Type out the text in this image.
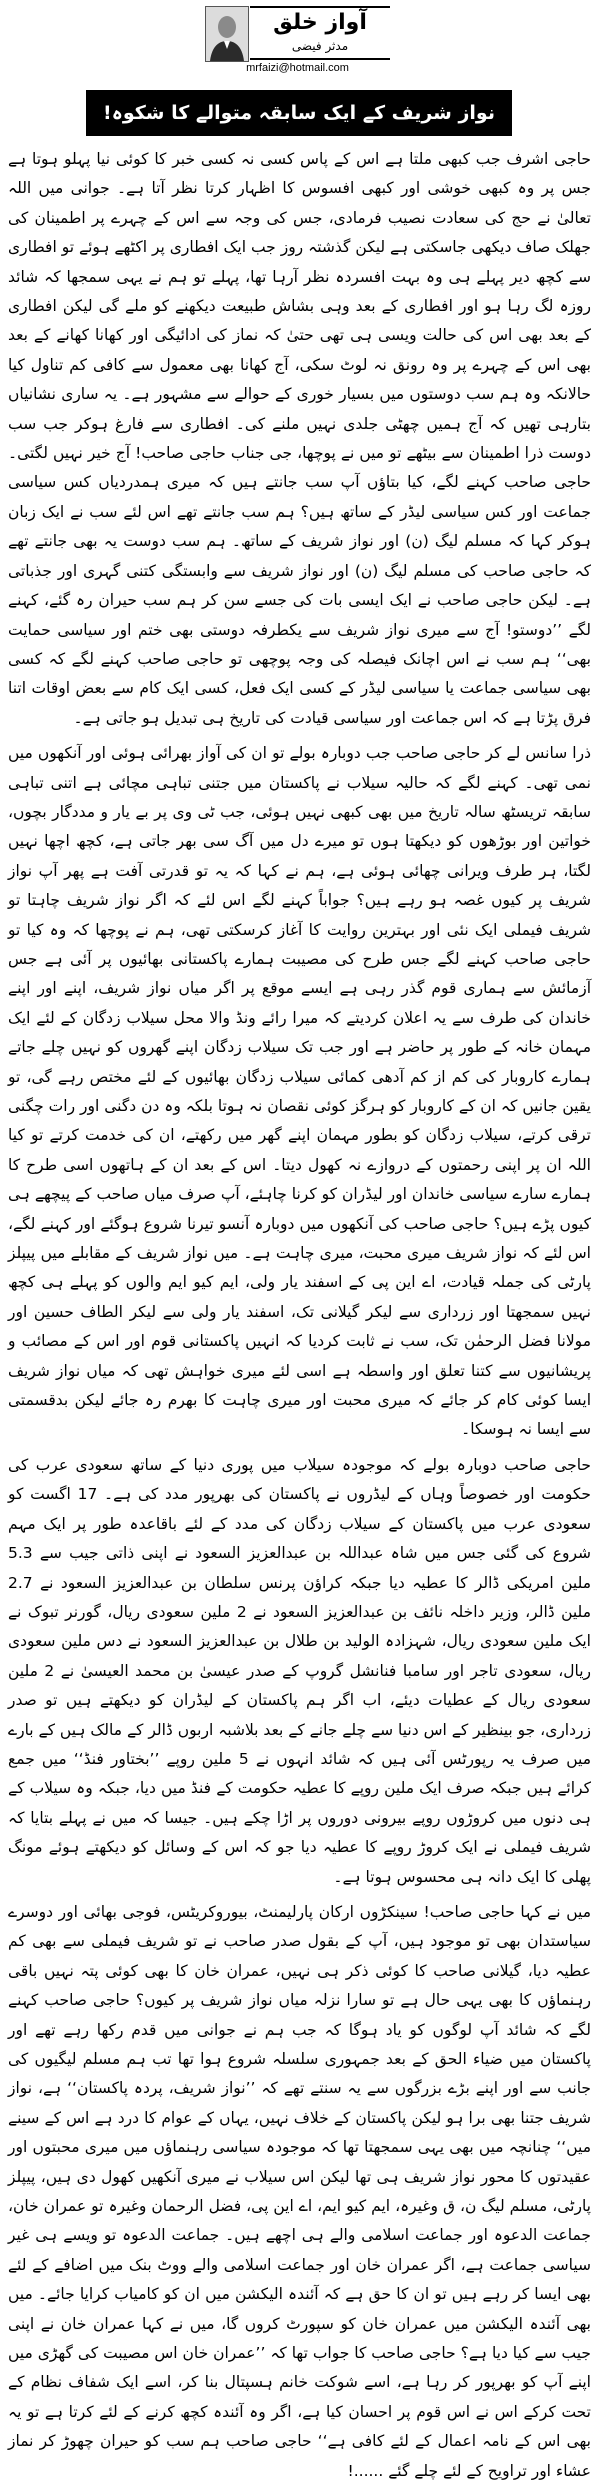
آواز خلق
مدثر فیضی
mrfaizi@hotmail.com
نواز شریف کے ایک سابقہ متوالے کا شکوہ!

حاجی اشرف جب کبھی ملتا ہے اس کے پاس کسی نہ کسی خبر کا کوئی نیا پہلو ہوتا ہے جس پر وہ کبھی خوشی اور کبھی افسوس کا اظہار کرتا نظر آتا ہے۔ جوانی میں اللہ تعالیٰ نے حج کی سعادت نصیب فرمادی، جس کی وجہ سے اس کے چہرے پر اطمینان کی جھلک صاف دیکھی جاسکتی ہے لیکن گذشتہ روز جب ایک افطاری پر اکٹھے ہوئے تو افطاری سے کچھ دیر پہلے ہی وہ بہت افسردہ نظر آرہا تھا، پہلے تو ہم نے یہی سمجھا کہ شائد روزہ لگ رہا ہو اور افطاری کے بعد وہی بشاش طبیعت دیکھنے کو ملے گی لیکن افطاری کے بعد بھی اس کی حالت ویسی ہی تھی حتیٰ کہ نماز کی ادائیگی اور کھانا کھانے کے بعد بھی اس کے چہرے پر وہ رونق نہ لوٹ سکی، آج کھانا بھی معمول سے کافی کم تناول کیا حالانکہ وہ ہم سب دوستوں میں بسیار خوری کے حوالے سے مشہور ہے۔ یہ ساری نشانیاں بتارہی تھیں کہ آج ہمیں چھٹی جلدی نہیں ملنے کی۔ افطاری سے فارغ ہوکر جب سب دوست ذرا اطمینان سے بیٹھے تو میں نے پوچھا، جی جناب حاجی صاحب! آج خیر نہیں لگتی۔ حاجی صاحب کہنے لگے، کیا بتاؤں آپ سب جانتے ہیں کہ میری ہمدردیاں کس سیاسی جماعت اور کس سیاسی لیڈر کے ساتھ ہیں؟ ہم سب جانتے تھے اس لئے سب نے ایک زبان ہوکر کہا کہ مسلم لیگ (ن) اور نواز شریف کے ساتھ۔ ہم سب دوست یہ بھی جانتے تھے کہ حاجی صاحب کی مسلم لیگ (ن) اور نواز شریف سے وابستگی کتنی گہری اور جذباتی ہے۔ لیکن حاجی صاحب نے ایک ایسی بات کی جسے سن کر ہم سب حیران رہ گئے، کہنے لگے ’’دوستو! آج سے میری نواز شریف سے یکطرفہ دوستی بھی ختم اور سیاسی حمایت بھی‘‘ ہم سب نے اس اچانک فیصلہ کی وجہ پوچھی تو حاجی صاحب کہنے لگے کہ کسی بھی سیاسی جماعت یا سیاسی لیڈر کے کسی ایک فعل، کسی ایک کام سے بعض اوقات اتنا فرق پڑتا ہے کہ اس جماعت اور سیاسی قیادت کی تاریخ ہی تبدیل ہو جاتی ہے۔

ذرا سانس لے کر حاجی صاحب جب دوبارہ بولے تو ان کی آواز بھرائی ہوئی اور آنکھوں میں نمی تھی۔ کہنے لگے کہ حالیہ سیلاب نے پاکستان میں جتنی تباہی مچائی ہے اتنی تباہی سابقہ تریسٹھ سالہ تاریخ میں بھی کبھی نہیں ہوئی، جب ٹی وی پر بے یار و مددگار بچوں، خواتین اور بوڑھوں کو دیکھتا ہوں تو میرے دل میں آگ سی بھر جاتی ہے، کچھ اچھا نہیں لگتا، ہر طرف ویرانی چھائی ہوئی ہے، ہم نے کہا کہ یہ تو قدرتی آفت ہے پھر آپ نواز شریف پر کیوں غصہ ہو رہے ہیں؟ جواباً کہنے لگے اس لئے کہ اگر نواز شریف چاہتا تو شریف فیملی ایک نئی اور بہترین روایت کا آغاز کرسکتی تھی، ہم نے پوچھا کہ وہ کیا تو حاجی صاحب کہنے لگے جس طرح کی مصیبت ہمارے پاکستانی بھائیوں پر آئی ہے جس آزمائش سے ہماری قوم گذر رہی ہے ایسے موقع پر اگر میاں نواز شریف، اپنے اور اپنے خاندان کی طرف سے یہ اعلان کردیتے کہ میرا رائے ونڈ والا محل سیلاب زدگان کے لئے ایک مہمان خانہ کے طور پر حاضر ہے اور جب تک سیلاب زدگان اپنے گھروں کو نہیں چلے جاتے ہمارے کاروبار کی کم از کم آدھی کمائی سیلاب زدگان بھائیوں کے لئے مختص رہے گی، تو یقین جانیں کہ ان کے کاروبار کو ہرگز کوئی نقصان نہ ہوتا بلکہ وہ دن دگنی اور رات چگنی ترقی کرتے، سیلاب زدگان کو بطور مہمان اپنے گھر میں رکھتے، ان کی خدمت کرتے تو کیا اللہ ان پر اپنی رحمتوں کے دروازے نہ کھول دیتا۔ اس کے بعد ان کے ہاتھوں اسی طرح کا ہمارے سارے سیاسی خاندان اور لیڈران کو کرنا چاہئے، آپ صرف میاں صاحب کے پیچھے ہی کیوں پڑے ہیں؟ حاجی صاحب کی آنکھوں میں دوبارہ آنسو تیرنا شروع ہوگئے اور کہنے لگے، اس لئے کہ نواز شریف میری محبت، میری چاہت ہے۔ میں نواز شریف کے مقابلے میں پیپلز پارٹی کی جملہ قیادت، اے این پی کے اسفند یار ولی، ایم کیو ایم والوں کو پہلے ہی کچھ نہیں سمجھتا اور زرداری سے لیکر گیلانی تک، اسفند یار ولی سے لیکر الطاف حسین اور مولانا فضل الرحمٰن تک، سب نے ثابت کردیا کہ انہیں پاکستانی قوم اور اس کے مصائب و پریشانیوں سے کتنا تعلق اور واسطہ ہے اسی لئے میری خواہش تھی کہ میاں نواز شریف ایسا کوئی کام کر جائے کہ میری محبت اور میری چاہت کا بھرم رہ جائے لیکن بدقسمتی سے ایسا نہ ہوسکا۔

حاجی صاحب دوبارہ بولے کہ موجودہ سیلاب میں پوری دنیا کے ساتھ سعودی عرب کی حکومت اور خصوصاً وہاں کے لیڈروں نے پاکستان کی بھرپور مدد کی ہے۔ 17 اگست کو سعودی عرب میں پاکستان کے سیلاب زدگان کی مدد کے لئے باقاعدہ طور پر ایک مہم شروع کی گئی جس میں شاہ عبداللہ بن عبدالعزیز السعود نے اپنی ذاتی جیب سے 5.3 ملین امریکی ڈالر کا عطیہ دیا جبکہ کراؤن پرنس سلطان بن عبدالعزیز السعود نے 2.7 ملین ڈالر، وزیر داخلہ نائف بن عبدالعزیز السعود نے 2 ملین سعودی ریال، گورنر تبوک نے ایک ملین سعودی ریال، شہزادہ الولید بن طلال بن عبدالعزیز السعود نے دس ملین سعودی ریال، سعودی تاجر اور سامبا فنانشل گروپ کے صدر عیسیٰ بن محمد العیسیٰ نے 2 ملین سعودی ریال کے عطیات دیئے، اب اگر ہم پاکستان کے لیڈران کو دیکھتے ہیں تو صدر زرداری، جو بینظیر کے اس دنیا سے چلے جانے کے بعد بلاشبہ اربوں ڈالر کے مالک ہیں کے بارے میں صرف یہ رپورٹس آئی ہیں کہ شائد انہوں نے 5 ملین روپے ’’بختاور فنڈ‘‘ میں جمع کرائے ہیں جبکہ صرف ایک ملین روپے کا عطیہ حکومت کے فنڈ میں دیا، جبکہ وہ سیلاب کے ہی دنوں میں کروڑوں روپے بیرونی دوروں پر اڑا چکے ہیں۔ جیسا کہ میں نے پہلے بتایا کہ شریف فیملی نے ایک کروڑ روپے کا عطیہ دیا جو کہ اس کے وسائل کو دیکھتے ہوئے مونگ پھلی کا ایک دانہ ہی محسوس ہوتا ہے۔

میں نے کہا حاجی صاحب! سینکڑوں ارکان پارلیمنٹ، بیوروکریٹس، فوجی بھائی اور دوسرے سیاستدان بھی تو موجود ہیں، آپ کے بقول صدر صاحب نے تو شریف فیملی سے بھی کم عطیہ دیا، گیلانی صاحب کا کوئی ذکر ہی نہیں، عمران خان کا بھی کوئی پتہ نہیں باقی رہنماؤں کا بھی یہی حال ہے تو سارا نزلہ میاں نواز شریف پر کیوں؟ حاجی صاحب کہنے لگے کہ شائد آپ لوگوں کو یاد ہوگا کہ جب ہم نے جوانی میں قدم رکھا رہے تھے اور پاکستان میں ضیاء الحق کے بعد جمہوری سلسلہ شروع ہوا تھا تب ہم مسلم لیگیوں کی جانب سے اور اپنے بڑے بزرگوں سے یہ سنتے تھے کہ ’’نواز شریف، پردہ پاکستان‘‘ ہے، نواز شریف جتنا بھی برا ہو لیکن پاکستان کے خلاف نہیں، یہاں کے عوام کا درد ہے اس کے سینے میں‘‘ چنانچہ میں بھی یہی سمجھتا تھا کہ موجودہ سیاسی رہنماؤں میں میری محبتوں اور عقیدتوں کا محور نواز شریف ہی تھا لیکن اس سیلاب نے میری آنکھیں کھول دی ہیں، پیپلز پارٹی، مسلم لیگ ن، ق وغیرہ، ایم کیو ایم، اے این پی، فضل الرحمان وغیرہ تو عمران خان، جماعت الدعوہ اور جماعت اسلامی والے ہی اچھے ہیں۔ جماعت الدعوہ تو ویسے ہی غیر سیاسی جماعت ہے، اگر عمران خان اور جماعت اسلامی والے ووٹ بنک میں اضافے کے لئے بھی ایسا کر رہے ہیں تو ان کا حق ہے کہ آئندہ الیکشن میں ان کو کامیاب کرایا جائے۔ میں بھی آئندہ الیکشن میں عمران خان کو سپورٹ کروں گا، میں نے کہا عمران خان نے اپنی جیب سے کیا دیا ہے؟ حاجی صاحب کا جواب تھا کہ ’’عمران خان اس مصیبت کی گھڑی میں اپنے آپ کو بھرپور کر رہا ہے، اسے شوکت خانم ہسپتال بنا کر، اسے ایک شفاف نظام کے تحت کرکے اس نے اس قوم پر احسان کیا ہے، اگر وہ آئندہ کچھ کرنے کے لئے کرتا ہے تو یہ بھی اس کے نامہ اعمال کے لئے کافی ہے‘‘ حاجی صاحب ہم سب کو حیران چھوڑ کر نماز عشاء اور تراویح کے لئے چلے گئے ......!
